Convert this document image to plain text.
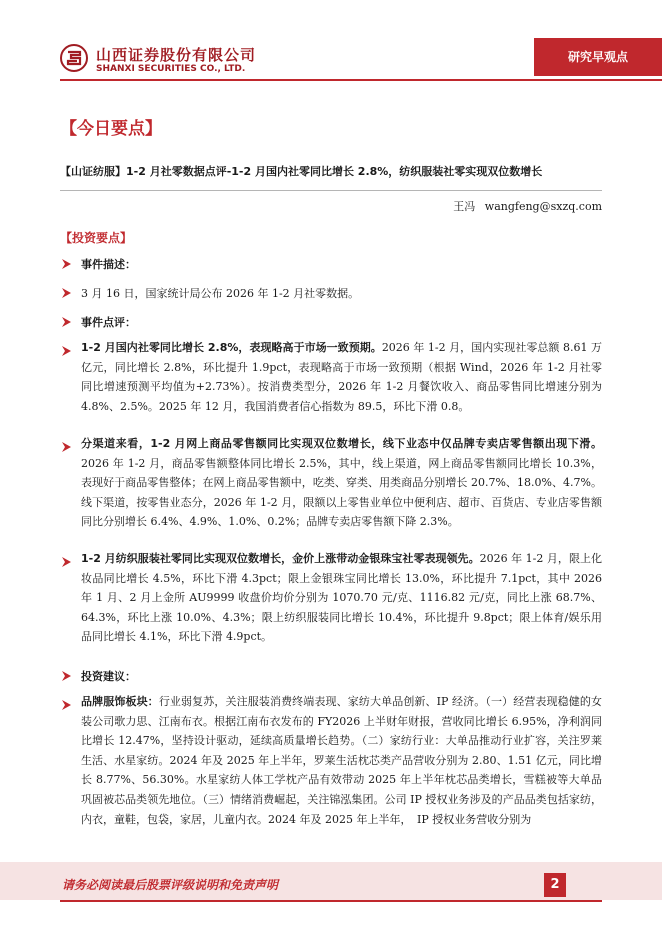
山西证券股份有限公司
SHANXI SECURITIES CO., LTD.
研究早观点
【今日要点】
【山证纺服】1-2 月社零数据点评-1-2 月国内社零同比增长 2.8%，纺织服装社零实现双位数增长
王冯 wangfeng@sxzq.com
【投资要点】
事件描述：
3 月 16 日，国家统计局公布 2026 年 1-2 月社零数据。
事件点评：
1-2 月国内社零同比增长 2.8%，表现略高于市场一致预期。2026 年 1-2 月，国内实现社零总额 8.61 万亿元，同比增长 2.8%，环比提升 1.9pct，表现略高于市场一致预期（根据 Wind，2026 年 1-2 月社零同比增速预测平均值为+2.73%）。按消费类型分，2026 年 1-2 月餐饮收入、商品零售同比增速分别为 4.8%、2.5%。2025 年 12 月，我国消费者信心指数为 89.5，环比下滑 0.8。
分渠道来看，1-2 月网上商品零售额同比实现双位数增长，线下业态中仅品牌专卖店零售额出现下滑。2026 年 1-2 月，商品零售额整体同比增长 2.5%，其中，线上渠道，网上商品零售额同比增长 10.3%，表现好于商品零售整体；在网上商品零售额中，吃类、穿类、用类商品分别增长 20.7%、18.0%、4.7%。线下渠道，按零售业态分，2026 年 1-2 月，限额以上零售业单位中便利店、超市、百货店、专业店零售额同比分别增长 6.4%、4.9%、1.0%、0.2%；品牌专卖店零售额下降 2.3%。
1-2 月纺织服装社零同比实现双位数增长，金价上涨带动金银珠宝社零表现领先。2026 年 1-2 月，限上化妆品同比增长 4.5%，环比下滑 4.3pct；限上金银珠宝同比增长 13.0%，环比提升 7.1pct，其中 2026 年 1 月、2 月上金所 AU9999 收盘价均价分别为 1070.70 元/克、1116.82 元/克，同比上涨 68.7%、64.3%，环比上涨 10.0%、4.3%；限上纺织服装同比增长 10.4%，环比提升 9.8pct；限上体育/娱乐用品同比增长 4.1%，环比下滑 4.9pct。
投资建议：
品牌服饰板块：行业弱复苏，关注服装消费终端表现、家纺大单品创新、IP 经济。（一）经营表现稳健的女装公司歌力思、江南布衣。根据江南布衣发布的 FY2026 上半财年财报，营收同比增长 6.95%，净利润同比增长 12.47%，坚持设计驱动，延续高质量增长趋势。（二）家纺行业：大单品推动行业扩容，关注罗莱生活、水星家纺。2024 年及 2025 年上半年，罗莱生活枕芯类产品营收分别为 2.80、1.51 亿元，同比增长 8.77%、56.30%。水星家纺人体工学枕产品有效带动 2025 年上半年枕芯品类增长，雪糕被等大单品巩固被芯品类领先地位。（三）情绪消费崛起，关注锦泓集团。公司 IP 授权业务涉及的产品品类包括家纺，内衣，童鞋，包袋，家居，儿童内衣。2024 年及 2025 年上半年，　IP 授权业务营收分别为
请务必阅读最后股票评级说明和免责声明	2
